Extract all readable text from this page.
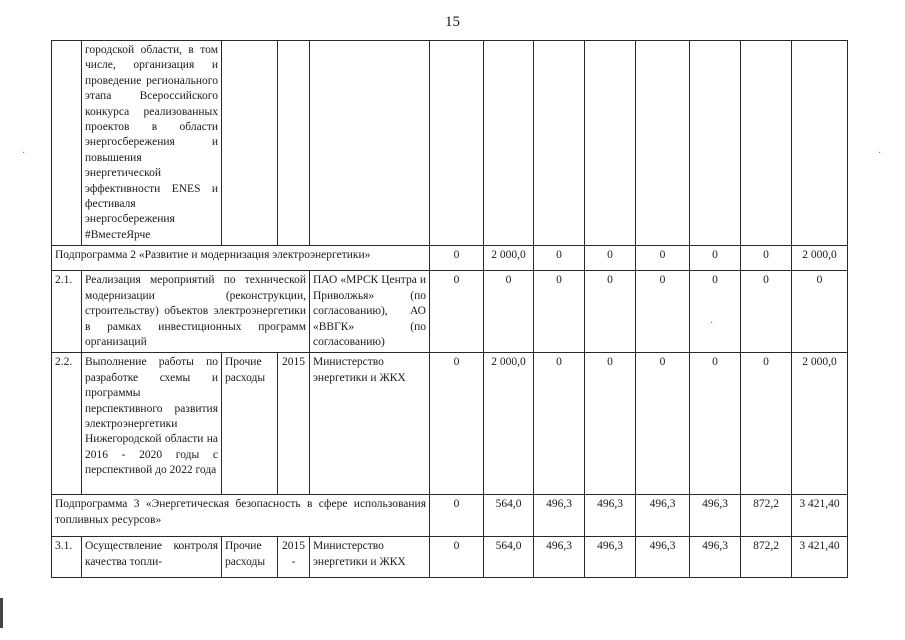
15
	городской области, в том числе, организация и проведение регионального этапа Всероссийского конкурса реализованных проектов в области энергосбережения и повышения энергетической эффективности ENES и фестиваля энергосбережения #ВместеЯрче											
Подпрограмма 2 «Развитие и модернизация электроэнергетики»					0	2 000,0	0	0	0	0	0	2 000,0
2.1.	Реализация мероприятий по технической модернизации (реконструкции, строительству) объектов электроэнергетики в рамках инвестиционных программ организаций			ПАО «МРСК Центра и Приволжья» (по согласованию), АО «ВВГК» (по согласованию)	0	0	0	0	0	0	0	0
2.2.	Выполнение работы по разработке схемы и программы перспективного развития электроэнергетики Нижегородской области на 2016 - 2020 годы с перспективой до 2022 года	Прочие расходы	2015	Министерство энергетики и ЖКХ	0	2 000,0	0	0	0	0	0	2 000,0
Подпрограмма 3 «Энергетическая безопасность в сфере использования топливных ресурсов»					0	564,0	496,3	496,3	496,3	496,3	872,2	3 421,40
3.1.	Осуществление контроля качества топли-	Прочие расходы	2015 -	Министерство энергетики и ЖКХ	0	564,0	496,3	496,3	496,3	496,3	872,2	3 421,40
·	·
·
